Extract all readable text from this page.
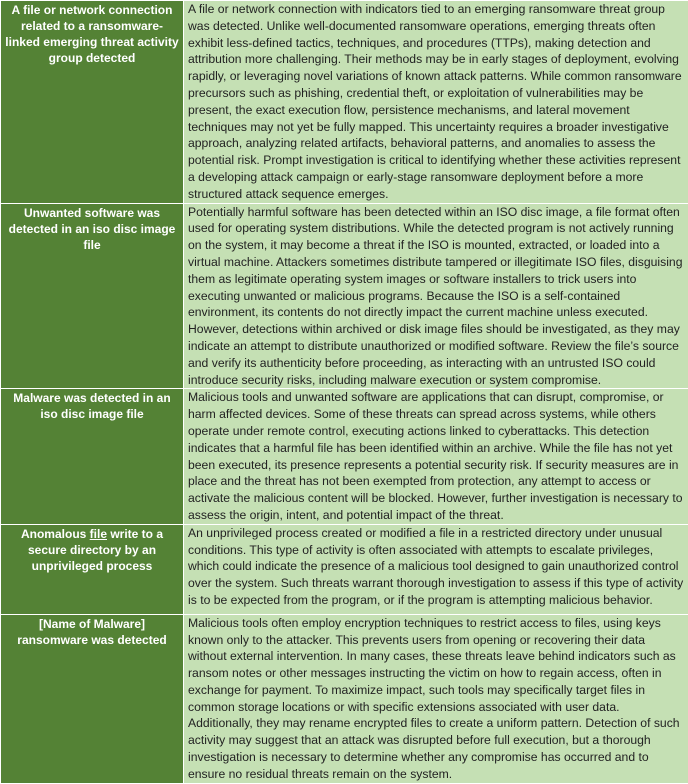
A file or network connection related to a ransomware-linked emerging threat activity group detected	A file or network connection with indicators tied to an emerging ransomware threat group was detected. Unlike well-documented ransomware operations, emerging threats often exhibit less-defined tactics, techniques, and procedures (TTPs), making detection and attribution more challenging. Their methods may be in early stages of deployment, evolving rapidly, or leveraging novel variations of known attack patterns. While common ransomware precursors such as phishing, credential theft, or exploitation of vulnerabilities may be present, the exact execution flow, persistence mechanisms, and lateral movement techniques may not yet be fully mapped. This uncertainty requires a broader investigative approach, analyzing related artifacts, behavioral patterns, and anomalies to assess the potential risk. Prompt investigation is critical to identifying whether these activities represent a developing attack campaign or early-stage ransomware deployment before a more structured attack sequence emerges.
Unwanted software was detected in an iso disc image file	Potentially harmful software has been detected within an ISO disc image, a file format often used for operating system distributions. While the detected program is not actively running on the system, it may become a threat if the ISO is mounted, extracted, or loaded into a virtual machine. Attackers sometimes distribute tampered or illegitimate ISO files, disguising them as legitimate operating system images or software installers to trick users into executing unwanted or malicious programs. Because the ISO is a self-contained environment, its contents do not directly impact the current machine unless executed. However, detections within archived or disk image files should be investigated, as they may indicate an attempt to distribute unauthorized or modified software. Review the file’s source and verify its authenticity before proceeding, as interacting with an untrusted ISO could introduce security risks, including malware execution or system compromise.
Malware was detected in an iso disc image file	Malicious tools and unwanted software are applications that can disrupt, compromise, or harm affected devices. Some of these threats can spread across systems, while others operate under remote control, executing actions linked to cyberattacks. This detection indicates that a harmful file has been identified within an archive. While the file has not yet been executed, its presence represents a potential security risk. If security measures are in place and the threat has not been exempted from protection, any attempt to access or activate the malicious content will be blocked. However, further investigation is necessary to assess the origin, intent, and potential impact of the threat.
Anomalous file write to a secure directory by an unprivileged process	An unprivileged process created or modified a file in a restricted directory under unusual conditions. This type of activity is often associated with attempts to escalate privileges, which could indicate the presence of a malicious tool designed to gain unauthorized control over the system. Such threats warrant thorough investigation to assess if this type of activity is to be expected from the program, or if the program is attempting malicious behavior.
[Name of Malware] ransomware was detected	Malicious tools often employ encryption techniques to restrict access to files, using keys known only to the attacker. This prevents users from opening or recovering their data without external intervention. In many cases, these threats leave behind indicators such as ransom notes or other messages instructing the victim on how to regain access, often in exchange for payment. To maximize impact, such tools may specifically target files in common storage locations or with specific extensions associated with user data. Additionally, they may rename encrypted files to create a uniform pattern. Detection of such activity may suggest that an attack was disrupted before full execution, but a thorough investigation is necessary to determine whether any compromise has occurred and to ensure no residual threats remain on the system.
